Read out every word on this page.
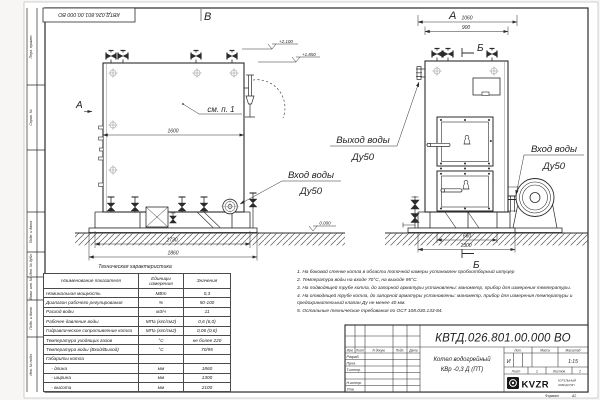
Перв. примен.
Справ. №
Подп. и дата
Инв. № дубл.
Взам. инв. №
Подп. и дата
Инв. № подл.
КВТД.026.801.00.000 ВО	В
1600
см. п. 1
А
+2.100
+1.850
0.000
1730
1860
Вход воды
Ду50
А 1060
900
Б
Б
660
1300
Выход воды
Ду50
Вход воды
Ду50
КВТД.026.801.00.000 ВО
Изм. Лист	N докум.	Подп.	Дата	Лит.	Масса	Масштаб
Разраб.
Пров.
Т.контр.
Н.контр.
Утв.
Котел водогрейный
КВр -0,3 Д (ПТ)
И	1:15
Лист	1	Листов	2
KVZR	КОТЕЛЬНЫЙ
ЗАВОД РЭП
Формат	А2
Техническая характеристика
Наименование показателя	Единицы измерения	Значения
Номинальная мощность	МВт	0,3
Диапазон рабочего регулирования	%	50-100
Расход воды	м3/ч	11
Рабочее давление воды	МПа (кгс/см2)	0,6 (6,0)
Гидравлическое сопротивление котла	МПа (кгс/см2)	0,06 (0,6)
Температура уходящих газов	°С	не более 220
Температура воды (Вход/Выход)	°С	70/95
Габариты котла		
- длина	мм	1860
- ширина	мм	1300
- высота	мм	2100
1. На боковой стенке котла в области топочной камеры установлен пробоотборный штуцер
2. Температура воды на входе 70°С, на выходе 95°С.
3. На подводящей трубе котла, до запорной арматуры установлены: манометр, прибор для измерения температуры.
4. На отводящей трубе котла, до запорной арматуры установлены: манометр, прибор для измерения температуры и предохранительный клапан Ду не менее 40 мм.
5. Остальные технические требования по ОСТ 108.030.133-84.
